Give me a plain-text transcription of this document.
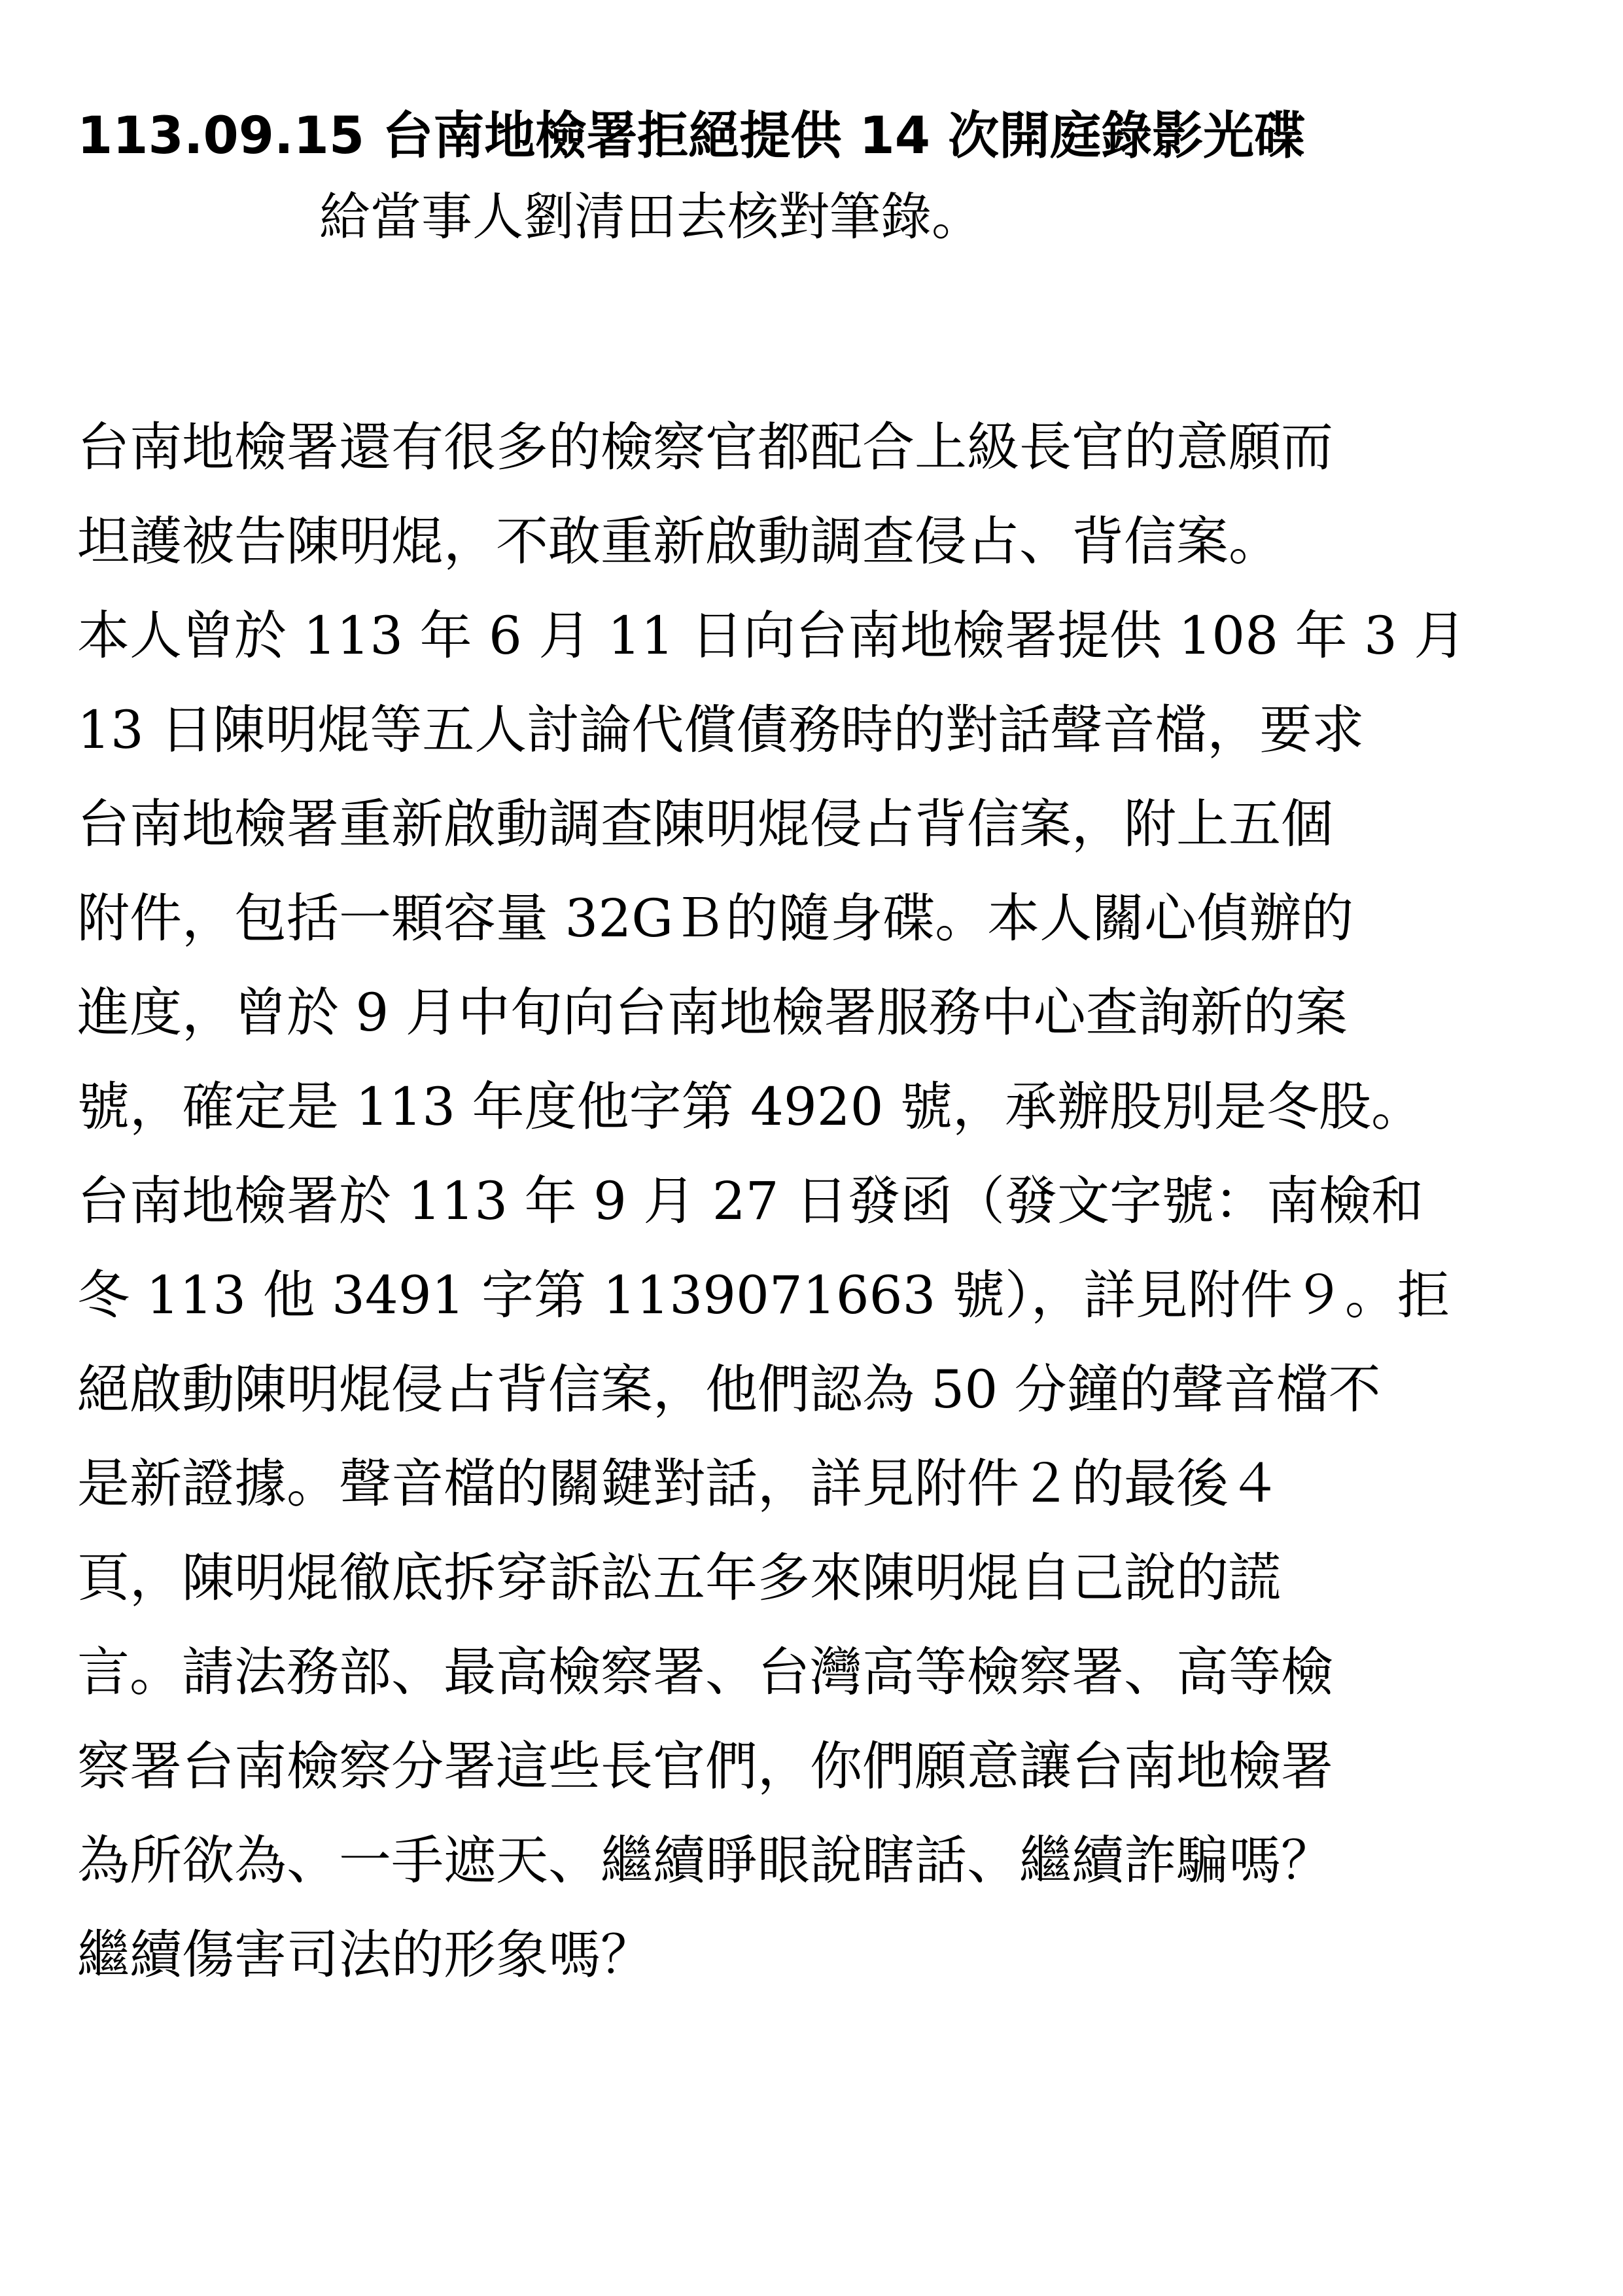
113.09.15 台南地檢署拒絕提供 14 次開庭錄影光碟
給當事人劉清田去核對筆錄。
台南地檢署還有很多的檢察官都配合上級長官的意願而
坦護被告陳明焜，不敢重新啟動調查侵占、背信案。
本人曾於 113 年 6 月 11 日向台南地檢署提供 108 年 3 月
13 日陳明焜等五人討論代償債務時的對話聲音檔，要求
台南地檢署重新啟動調查陳明焜侵占背信案，附上五個
附件，包括一顆容量 32GＢ的隨身碟。本人關心偵辦的
進度，曾於 9 月中旬向台南地檢署服務中心查詢新的案
號，確定是 113 年度他字第 4920 號，承辦股別是冬股。
台南地檢署於 113 年 9 月 27 日發函（發文字號：南檢和
冬 113 他 3491 字第 1139071663 號），詳見附件９。拒
絕啟動陳明焜侵占背信案，他們認為 50 分鐘的聲音檔不
是新證據。聲音檔的關鍵對話，詳見附件２的最後４
頁，陳明焜徹底拆穿訴訟五年多來陳明焜自己說的謊
言。請法務部、最高檢察署、台灣高等檢察署、高等檢
察署台南檢察分署這些長官們，你們願意讓台南地檢署
為所欲為、一手遮天、繼續睜眼說瞎話、繼續詐騙嗎？
繼續傷害司法的形象嗎？
